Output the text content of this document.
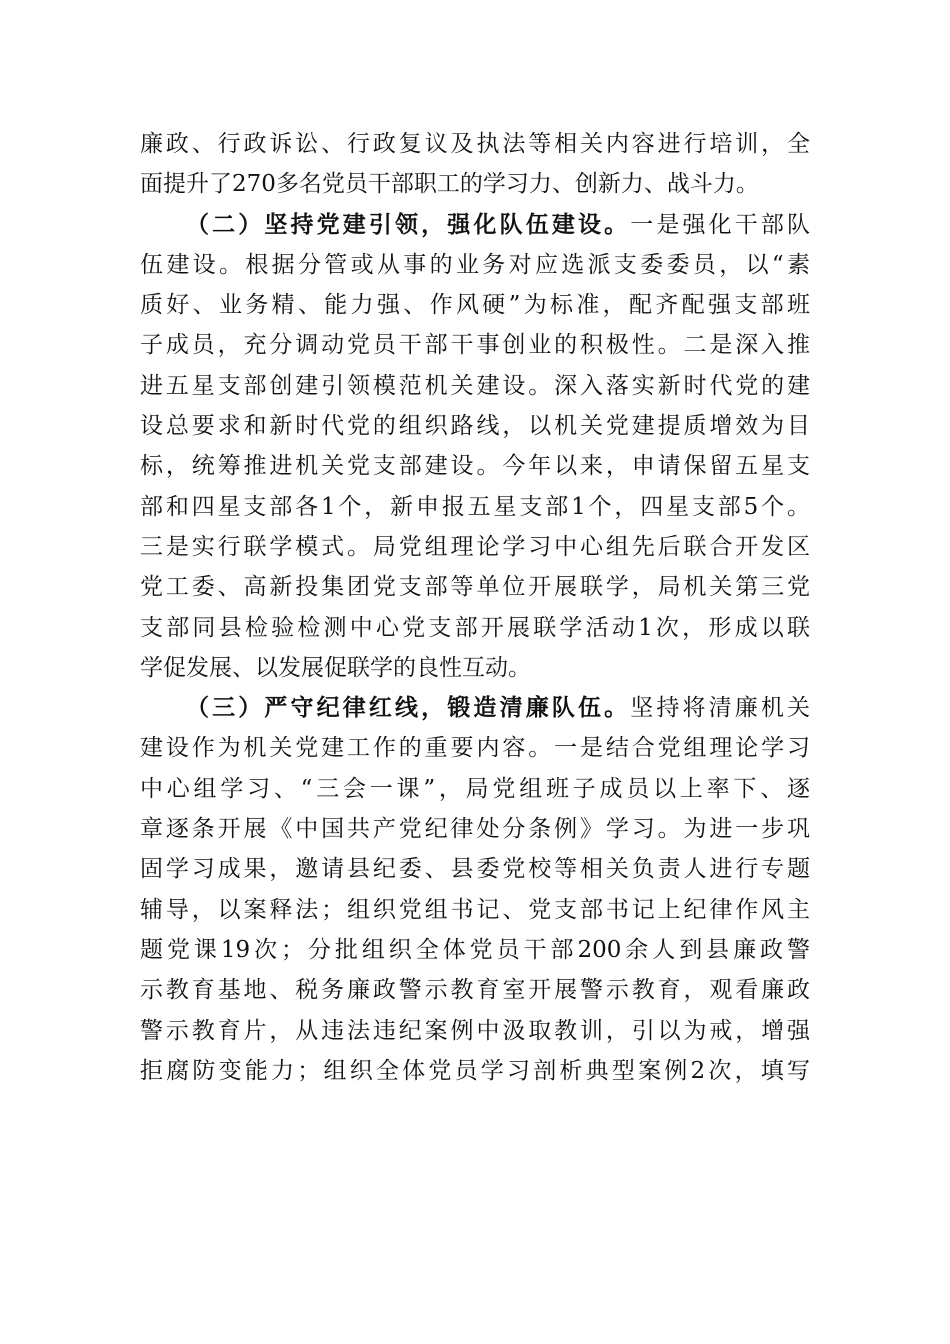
廉政、行政诉讼、行政复议及执法等相关内容进行培训，全
面提升了270多名党员干部职工的学习力、创新力、战斗力。
（二）坚持党建引领，强化队伍建设。一是强化干部队
伍建设。根据分管或从事的业务对应选派支委委员，以“素
质好、业务精、能力强、作风硬”为标准，配齐配强支部班
子成员，充分调动党员干部干事创业的积极性。二是深入推
进五星支部创建引领模范机关建设。深入落实新时代党的建
设总要求和新时代党的组织路线，以机关党建提质增效为目
标，统筹推进机关党支部建设。今年以来，申请保留五星支
部和四星支部各1个，新申报五星支部1个，四星支部5个。
三是实行联学模式。局党组理论学习中心组先后联合开发区
党工委、高新投集团党支部等单位开展联学，局机关第三党
支部同县检验检测中心党支部开展联学活动1次，形成以联
学促发展、以发展促联学的良性互动。
（三）严守纪律红线，锻造清廉队伍。坚持将清廉机关
建设作为机关党建工作的重要内容。一是结合党组理论学习
中心组学习、“三会一课”，局党组班子成员以上率下、逐
章逐条开展《中国共产党纪律处分条例》学习。为进一步巩
固学习成果，邀请县纪委、县委党校等相关负责人进行专题
辅导，以案释法；组织党组书记、党支部书记上纪律作风主
题党课19次；分批组织全体党员干部200余人到县廉政警
示教育基地、税务廉政警示教育室开展警示教育，观看廉政
警示教育片，从违法违纪案例中汲取教训，引以为戒，增强
拒腐防变能力；组织全体党员学习剖析典型案例2次，填写
